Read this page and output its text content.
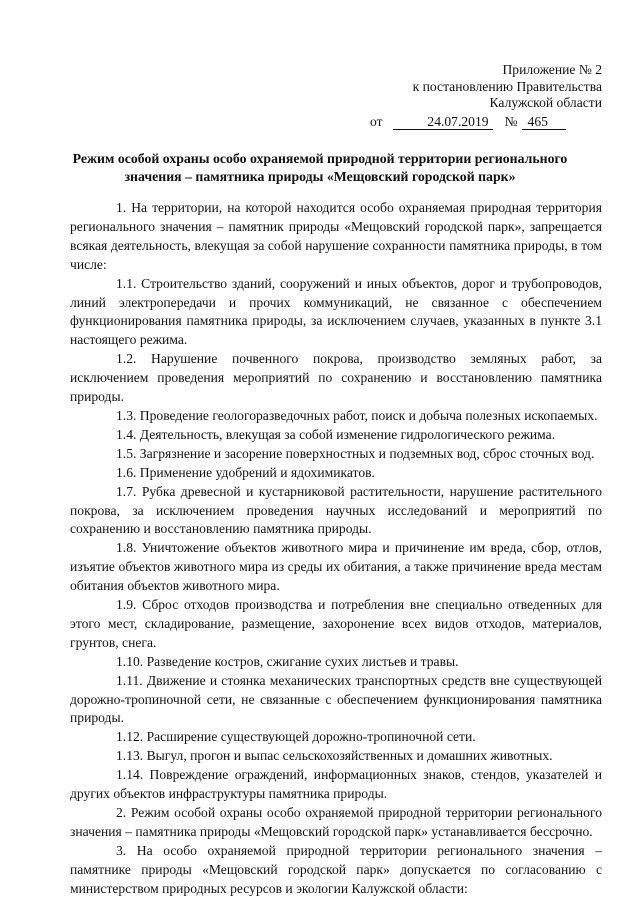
Приложение № 2
к постановлению Правительства
Калужской области
от	24.07.2019 № 465
Режим особой охраны особо охраняемой природной территории регионального значения – памятника природы «Мещовский городской парк»

1. На территории, на которой находится особо охраняемая природная территория регионального значения – памятник природы «Мещовский городской парк», запрещается всякая деятельность, влекущая за собой нарушение сохранности памятника природы, в том числе:

1.1. Строительство зданий, сооружений и иных объектов, дорог и трубопроводов, линий электропередачи и прочих коммуникаций, не связанное с обеспечением функционирования памятника природы, за исключением случаев, указанных в пункте 3.1 настоящего режима.

1.2. Нарушение почвенного покрова, производство земляных работ, за исключением проведения мероприятий по сохранению и восстановлению памятника природы.

1.3. Проведение геологоразведочных работ, поиск и добыча полезных ископаемых.

1.4. Деятельность, влекущая за собой изменение гидрологического режима.

1.5. Загрязнение и засорение поверхностных и подземных вод, сброс сточных вод.

1.6. Применение удобрений и ядохимикатов.

1.7. Рубка древесной и кустарниковой растительности, нарушение растительного покрова, за исключением проведения научных исследований и мероприятий по сохранению и восстановлению памятника природы.

1.8. Уничтожение объектов животного мира и причинение им вреда, сбор, отлов, изъятие объектов животного мира из среды их обитания, а также причинение вреда местам обитания объектов животного мира.

1.9. Сброс отходов производства и потребления вне специально отведенных для этого мест, складирование, размещение, захоронение всех видов отходов, материалов, грунтов, снега.

1.10. Разведение костров, сжигание сухих листьев и травы.

1.11. Движение и стоянка механических транспортных средств вне существующей дорожно-тропиночной сети, не связанные с обеспечением функционирования памятника природы.

1.12. Расширение существующей дорожно-тропиночной сети.

1.13. Выгул, прогон и выпас сельскохозяйственных и домашних животных.

1.14. Повреждение ограждений, информационных знаков, стендов, указателей и других объектов инфраструктуры памятника природы.

2. Режим особой охраны особо охраняемой природной территории регионального значения – памятника природы «Мещовский городской парк» устанавливается бессрочно.

3. На особо охраняемой природной территории регионального значения – памятнике природы «Мещовский городской парк» допускается по согласованию с министерством природных ресурсов и экологии Калужской области:
